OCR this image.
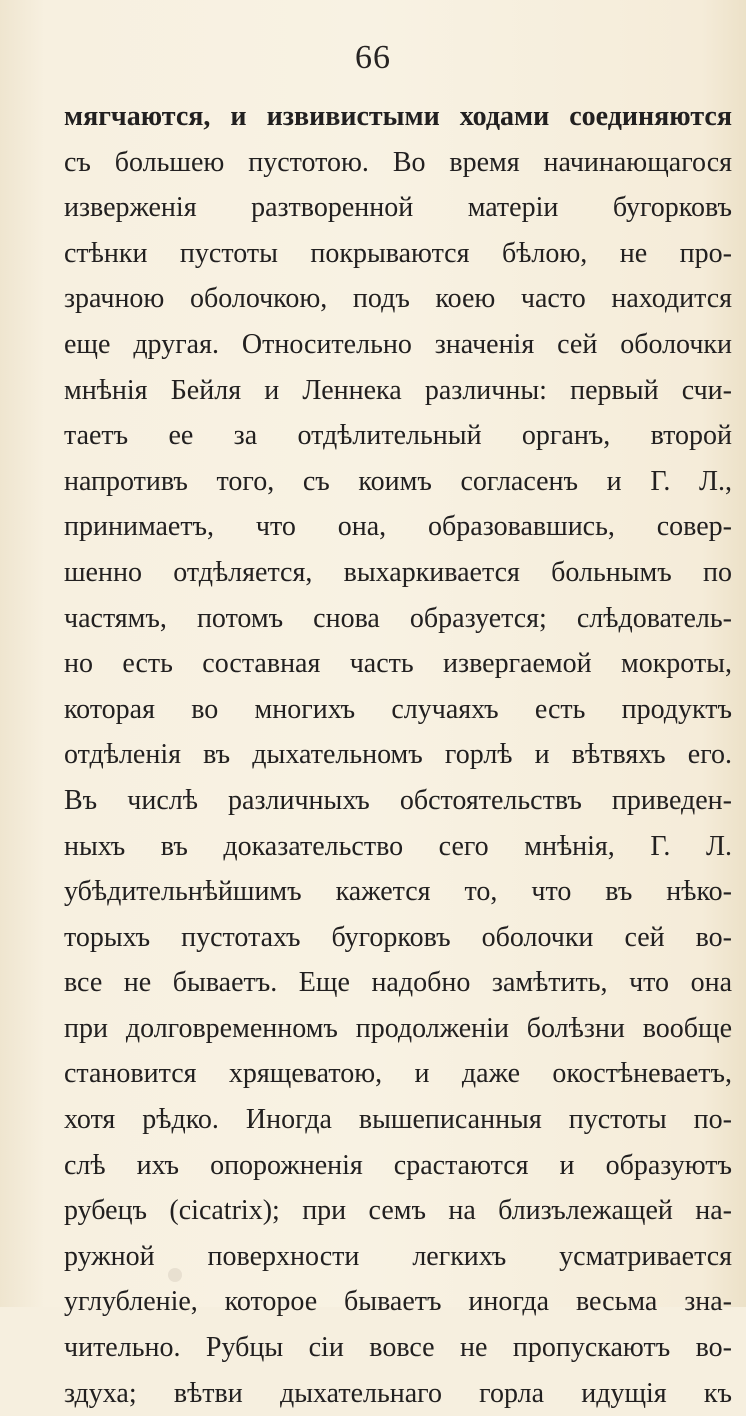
66
мягчаются, и извивистыми ходами соединяются
съ большею пустотою. Во время начинающагося
изверженія разтворенной матеріи бугорковъ
стѣнки пустоты покрываются бѣлою, не про-
зрачною оболочкою, подъ коею часто находится
еще другая. Относительно значенія сей оболочки
мнѣнія Бейля и Леннека различны: первый счи-
таетъ ее за отдѣлительный органъ, второй
напротивъ того, съ коимъ согласенъ и Г. Л.,
принимаетъ, что она, образовавшись, совер-
шенно отдѣляется, выхаркивается больнымъ по
частямъ, потомъ снова образуется; слѣдователь-
но есть составная часть извергаемой мокроты,
которая во многихъ случаяхъ есть продуктъ
отдѣленія въ дыхательномъ горлѣ и вѣтвяхъ его.
Въ числѣ различныхъ обстоятельствъ приведен-
ныхъ въ доказательство сего мнѣнія, Г. Л.
убѣдительнѣйшимъ кажется то, что въ нѣко-
торыхъ пустотахъ бугорковъ оболочки сей во-
все не бываетъ. Еще надобно замѣтить, что она
при долговременномъ продолженіи болѣзни вообще
становится хрящеватою, и даже окостѣневаетъ,
хотя рѣдко. Иногда вышеписанныя пустоты по-
слѣ ихъ опорожненія срастаются и образуютъ
рубецъ (cicatrix); при семъ на близълежащей на-
ружной поверхности легкихъ усматривается
углубленіе, которое бываетъ иногда весьма зна-
чительно. Рубцы сіи вовсе не пропускаютъ во-
здуха; вѣтви дыхательнаго горла идущія къ
